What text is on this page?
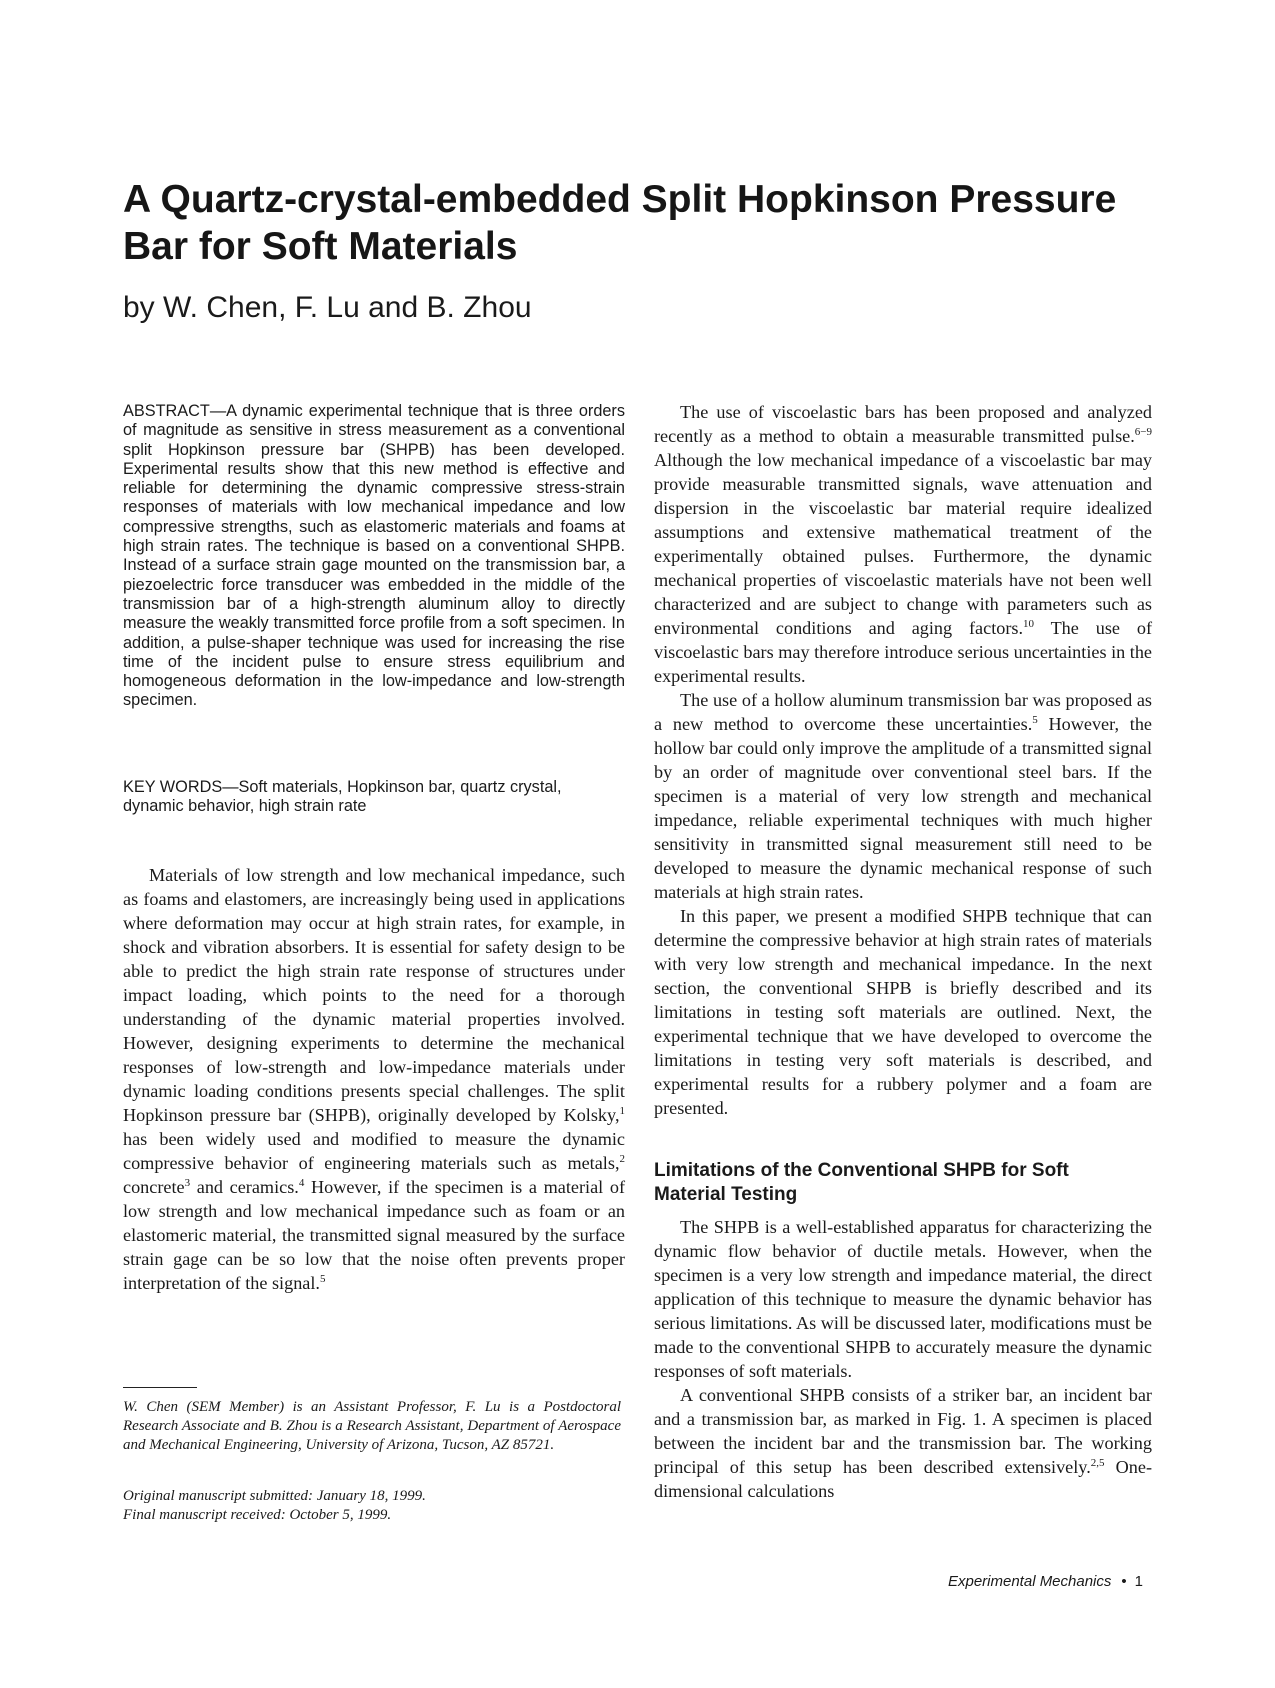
A Quartz-crystal-embedded Split Hopkinson Pressure Bar for Soft Materials
by W. Chen, F. Lu and B. Zhou

ABSTRACT—A dynamic experimental technique that is three orders of magnitude as sensitive in stress measurement as a conventional split Hopkinson pressure bar (SHPB) has been developed. Experimental results show that this new method is effective and reliable for determining the dynamic compressive stress-strain responses of materials with low mechanical impedance and low compressive strengths, such as elastomeric materials and foams at high strain rates. The technique is based on a conventional SHPB. Instead of a surface strain gage mounted on the transmission bar, a piezoelectric force transducer was embedded in the middle of the transmission bar of a high-strength aluminum alloy to directly measure the weakly transmitted force profile from a soft specimen. In addition, a pulse-shaper technique was used for increasing the rise time of the incident pulse to ensure stress equilibrium and homogeneous deformation in the low-impedance and low-strength specimen.

KEY WORDS—Soft materials, Hopkinson bar, quartz crystal, dynamic behavior, high strain rate

Materials of low strength and low mechanical impedance, such as foams and elastomers, are increasingly being used in applications where deformation may occur at high strain rates, for example, in shock and vibration absorbers. It is essential for safety design to be able to predict the high strain rate response of structures under impact loading, which points to the need for a thorough understanding of the dynamic material properties involved. However, designing experiments to determine the mechanical responses of low-strength and low-impedance materials under dynamic loading conditions presents special challenges. The split Hopkinson pressure bar (SHPB), originally developed by Kolsky,$^1$ has been widely used and modified to measure the dynamic compressive behavior of engineering materials such as metals,$^2$ concrete$^3$ and ceramics.$^4$ However, if the specimen is a material of low strength and low mechanical impedance such as foam or an elastomeric material, the transmitted signal measured by the surface strain gage can be so low that the noise often prevents proper interpretation of the signal.$^5$

The use of viscoelastic bars has been proposed and analyzed recently as a method to obtain a measurable transmitted pulse.$^{6-9}$ Although the low mechanical impedance of a viscoelastic bar may provide measurable transmitted signals, wave attenuation and dispersion in the viscoelastic bar material require idealized assumptions and extensive mathematical treatment of the experimentally obtained pulses. Furthermore, the dynamic mechanical properties of viscoelastic materials have not been well characterized and are subject to change with parameters such as environmental conditions and aging factors.$^{10}$ The use of viscoelastic bars may therefore introduce serious uncertainties in the experimental results.

The use of a hollow aluminum transmission bar was proposed as a new method to overcome these uncertainties.$^5$ However, the hollow bar could only improve the amplitude of a transmitted signal by an order of magnitude over conventional steel bars. If the specimen is a material of very low strength and mechanical impedance, reliable experimental techniques with much higher sensitivity in transmitted signal measurement still need to be developed to measure the dynamic mechanical response of such materials at high strain rates.

In this paper, we present a modified SHPB technique that can determine the compressive behavior at high strain rates of materials with very low strength and mechanical impedance. In the next section, the conventional SHPB is briefly described and its limitations in testing soft materials are outlined. Next, the experimental technique that we have developed to overcome the limitations in testing very soft materials is described, and experimental results for a rubbery polymer and a foam are presented.

Limitations of the Conventional SHPB for Soft Material Testing

The SHPB is a well-established apparatus for characterizing the dynamic flow behavior of ductile metals. However, when the specimen is a very low strength and impedance material, the direct application of this technique to measure the dynamic behavior has serious limitations. As will be discussed later, modifications must be made to the conventional SHPB to accurately measure the dynamic responses of soft materials.

A conventional SHPB consists of a striker bar, an incident bar and a transmission bar, as marked in Fig. 1. A specimen is placed between the incident bar and the transmission bar. The working principal of this setup has been described extensively.$^{2,5}$ One-dimensional calculations

W. Chen (SEM Member) is an Assistant Professor, F. Lu is a Postdoctoral Research Associate and B. Zhou is a Research Assistant, Department of Aerospace and Mechanical Engineering, University of Arizona, Tucson, AZ 85721.

Original manuscript submitted: January 18, 1999.
Final manuscript received: October 5, 1999.
Experimental Mechanics • 1
